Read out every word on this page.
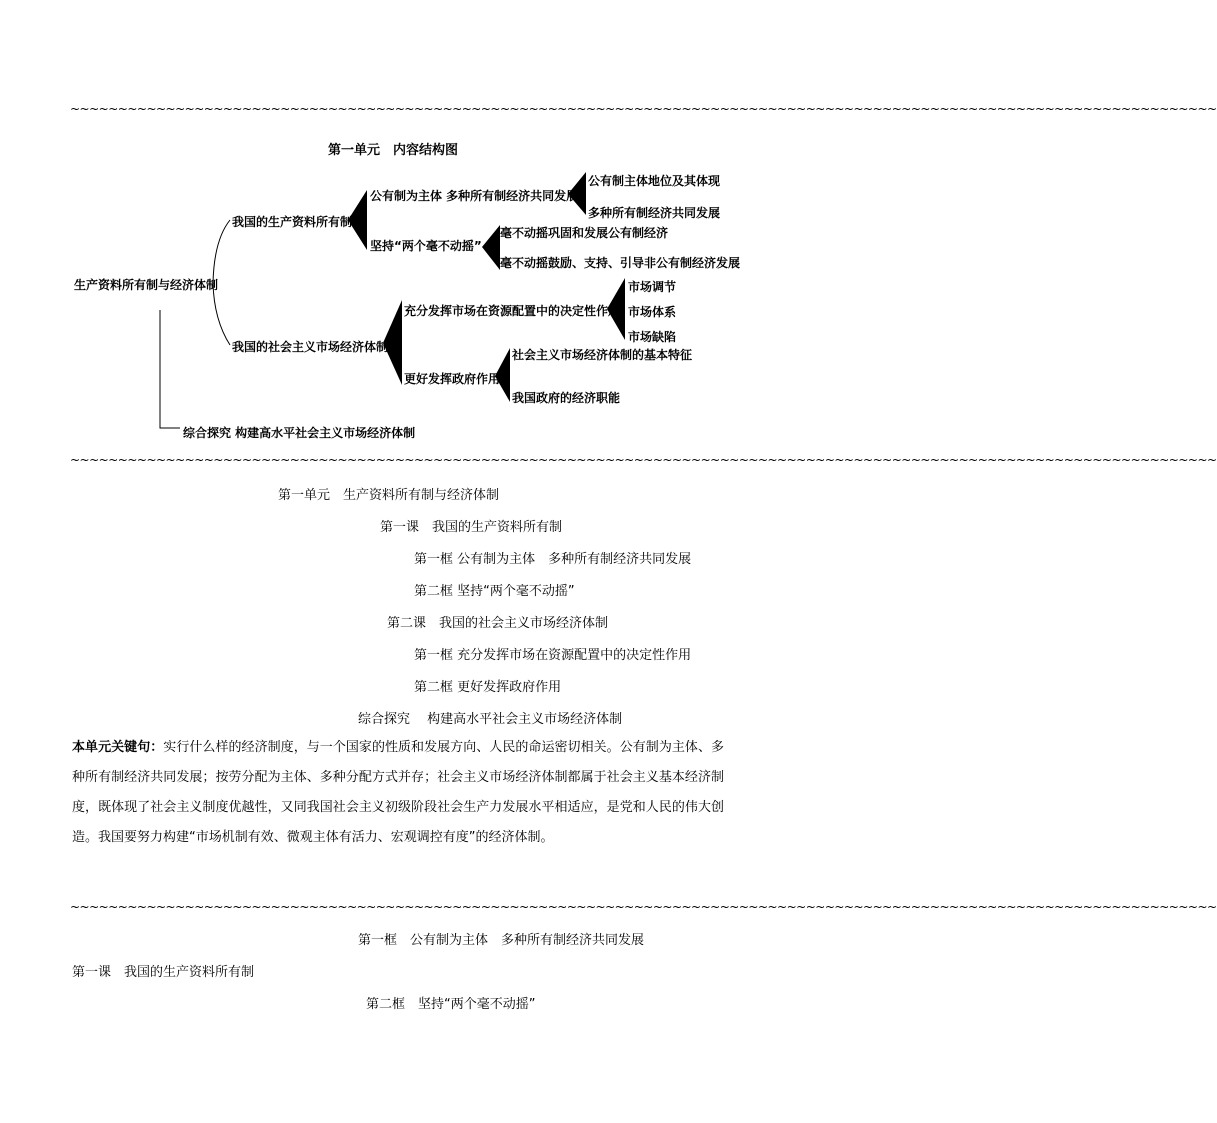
~~~~~~~~~~~~~~~~~~~~~~~~~~~~~~~~~~~~~~~~~~~~~~~~~~~~~~~~~~~~~~~~~~~~~~~~~~~~~~~~~~~~~~~~~~~~~~~~~~~~~~~~~~~~~~~~~~~~~~~~
第一单元　内容结构图
生产资料所有制与经济体制
我国的生产资料所有制
公有制为主体 多种所有制经济共同发展
公有制主体地位及其体现
多种所有制经济共同发展
坚持“两个毫不动摇”
毫不动摇巩固和发展公有制经济
毫不动摇鼓励、支持、引导非公有制经济发展
我国的社会主义市场经济体制
充分发挥市场在资源配置中的决定性作用
市场调节
市场体系
市场缺陷
更好发挥政府作用
社会主义市场经济体制的基本特征
我国政府的经济职能
综合探究 构建高水平社会主义市场经济体制
~~~~~~~~~~~~~~~~~~~~~~~~~~~~~~~~~~~~~~~~~~~~~~~~~~~~~~~~~~~~~~~~~~~~~~~~~~~~~~~~~~~~~~~~~~~~~~~~~~~~~~~~~~~~~~~~~~~~~~~~
第一单元　生产资料所有制与经济体制
第一课　我国的生产资料所有制
第一框 公有制为主体　多种所有制经济共同发展
第二框 坚持“两个毫不动摇”
第二课　我国的社会主义市场经济体制
第一框 充分发挥市场在资源配置中的决定性作用
第二框 更好发挥政府作用
综合探究　 构建高水平社会主义市场经济体制
本单元关键句：实行什么样的经济制度，与一个国家的性质和发展方向、人民的命运密切相关。公有制为主体、多种所有制经济共同发展；按劳分配为主体、多种分配方式并存；社会主义市场经济体制都属于社会主义基本经济制度，既体现了社会主义制度优越性，又同我国社会主义初级阶段社会生产力发展水平相适应，是党和人民的伟大创造。我国要努力构建“市场机制有效、微观主体有活力、宏观调控有度”的经济体制。
~~~~~~~~~~~~~~~~~~~~~~~~~~~~~~~~~~~~~~~~~~~~~~~~~~~~~~~~~~~~~~~~~~~~~~~~~~~~~~~~~~~~~~~~~~~~~~~~~~~~~~~~~~~~~~~~~~~~~~~~
第一框　公有制为主体　多种所有制经济共同发展
第一课　我国的生产资料所有制
第二框　坚持“两个毫不动摇”
